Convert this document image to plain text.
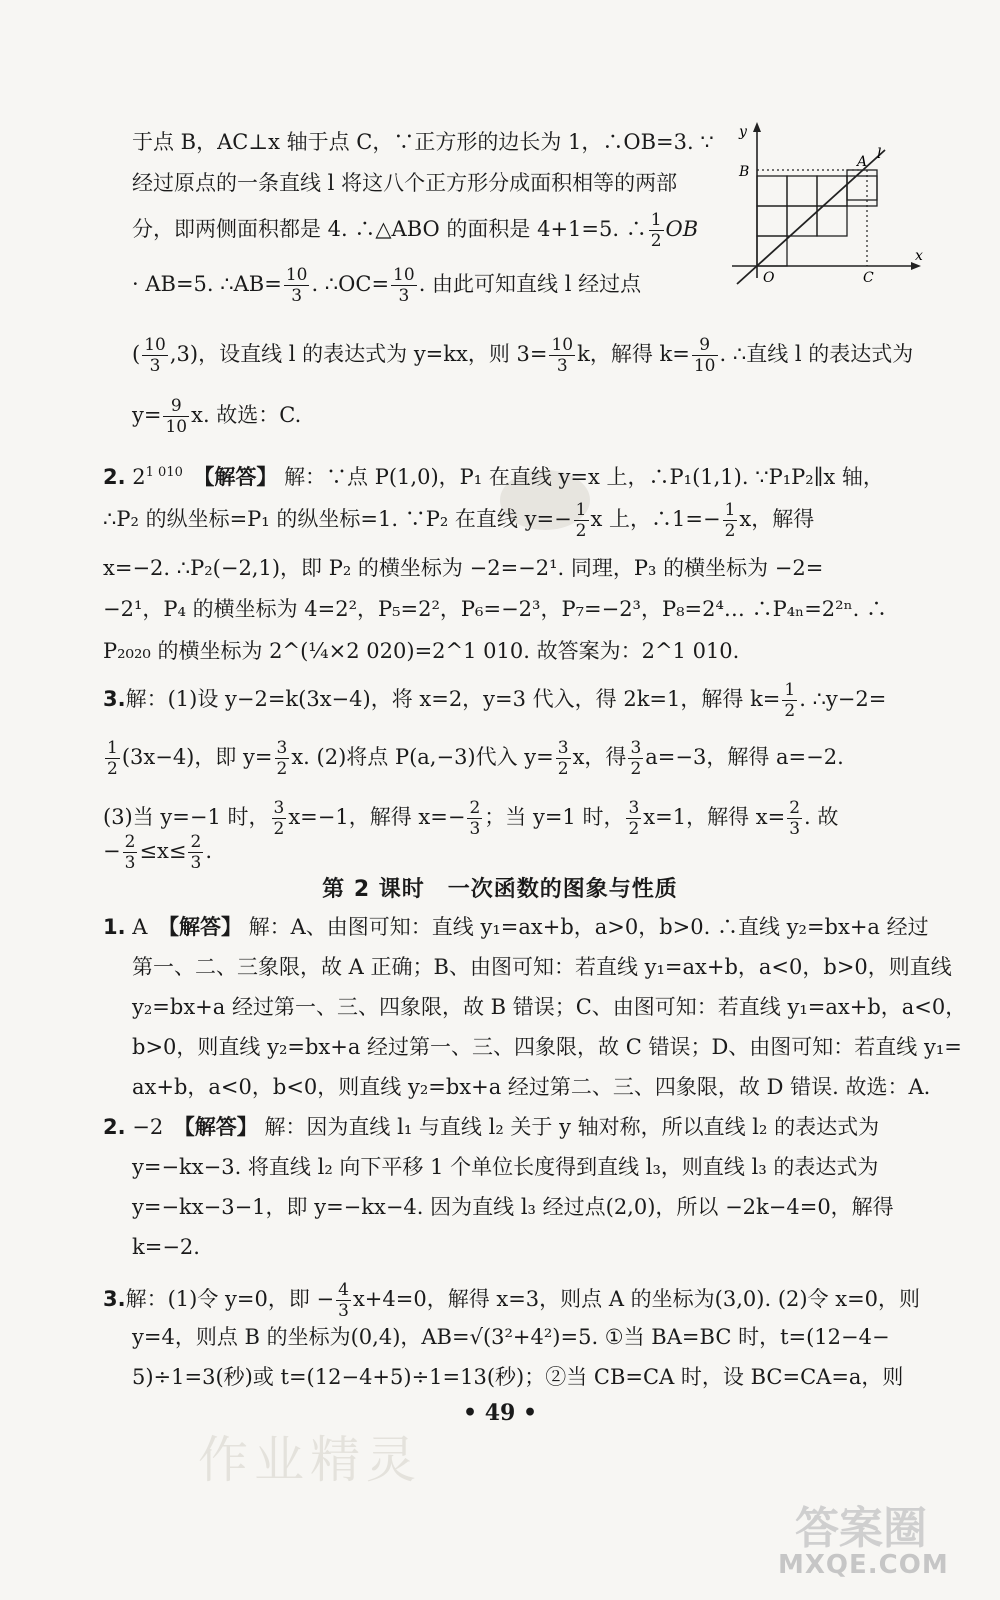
y
x
B
A l
O	C
于点 B，AC⊥x 轴于点 C，∵正方形的边长为 1，∴OB=3. ∵
经过原点的一条直线 l 将这八个正方形分成面积相等的两部
分，即两侧面积都是 4. ∴△ABO 的面积是 4+1=5. ∴ $\frac{1}{2}$ OB
· AB=5. ∴AB= $\frac{10}{3}$ . ∴OC= $\frac{10}{3}$ . 由此可知直线 l 经过点
( $\frac{10}{3} ,3$)，设直线 l 的表达式为 y=kx，则 $3= \frac{10}{3}$ k，解得 $k= \frac{9}{10}$ . ∴直线 l 的表达式为
$y= \frac{9}{10} x$. 故选：C.
2. $2^{1 010}$　 【解答】 解：∵点 P(1,0)，P₁ 在直线 y=x 上，∴P₁(1,1). ∵P₁P₂∥x 轴，
∴P₂ 的纵坐标=P₁ 的纵坐标=1. ∵P₂ 在直线 $y=- \frac{1}{2}$ x 上，∴1=− $\frac{1}{2}$ x，解得
x=−2. ∴P₂(−2,1)，即 P₂ 的横坐标为 −2=−2¹. 同理，P₃ 的横坐标为 −2=
−2¹，P₄ 的横坐标为 4=2²，P₅=2²，P₆=−2³，P₇=−2³，P₈=2⁴… ∴P₄ₙ=2²ⁿ. ∴
P₂₀₂₀ 的横坐标为 2^(¼×2 020)=2^1 010. 故答案为：2^1 010.
3.解：(1)设 y−2=k(3x−4)，将 x=2，y=3 代入，得 2k=1，解得 $k= \frac{1}{2}$ . ∴y−2=
$\frac{1}{2} (3x-4)$，即 $y= \frac{3}{2} x$. (2)将点 P(a,−3)代入 $y= \frac{3}{2}$ x，得 $\frac{3}{2} a=-3$，解得 a=−2.
(3)当 y=−1 时， $\frac{3}{2} x=-1$，解得 $x=- \frac{2}{3}$ ；当 y=1 时， $\frac{3}{2} x=1$，解得 $x= \frac{2}{3}$ . 故
− $\frac{2}{3} \le x\le \frac{2}{3}$ .
第 2 课时　一次函数的图象与性质
1. A　 【解答】 解：A、由图可知：直线 y₁=ax+b，a>0，b>0. ∴直线 y₂=bx+a 经过
第一、二、三象限，故 A 正确；B、由图可知：若直线 y₁=ax+b，a<0，b>0，则直线
y₂=bx+a 经过第一、三、四象限，故 B 错误；C、由图可知：若直线 y₁=ax+b，a<0，
b>0，则直线 y₂=bx+a 经过第一、三、四象限，故 C 错误；D、由图可知：若直线 y₁=
ax+b，a<0，b<0，则直线 y₂=bx+a 经过第二、三、四象限，故 D 错误. 故选：A.
2. −2　 【解答】 解：因为直线 l₁ 与直线 l₂ 关于 y 轴对称，所以直线 l₂ 的表达式为
y=−kx−3. 将直线 l₂ 向下平移 1 个单位长度得到直线 l₃，则直线 l₃ 的表达式为
y=−kx−3−1，即 y=−kx−4. 因为直线 l₃ 经过点(2,0)，所以 −2k−4=0，解得
k=−2.
3.解：(1)令 y=0，即 − $\frac{4}{3} x+4=0$，解得 x=3，则点 A 的坐标为(3,0). (2)令 x=0，则
y=4，则点 B 的坐标为(0,4)，AB=√(3²+4²)=5. ①当 BA=BC 时，t=(12−4−
5)÷1=3(秒)或 t=(12−4+5)÷1=13(秒)；②当 CB=CA 时，设 BC=CA=a，则
• 49 •
作业精灵
答案圈
MXQE.COM
